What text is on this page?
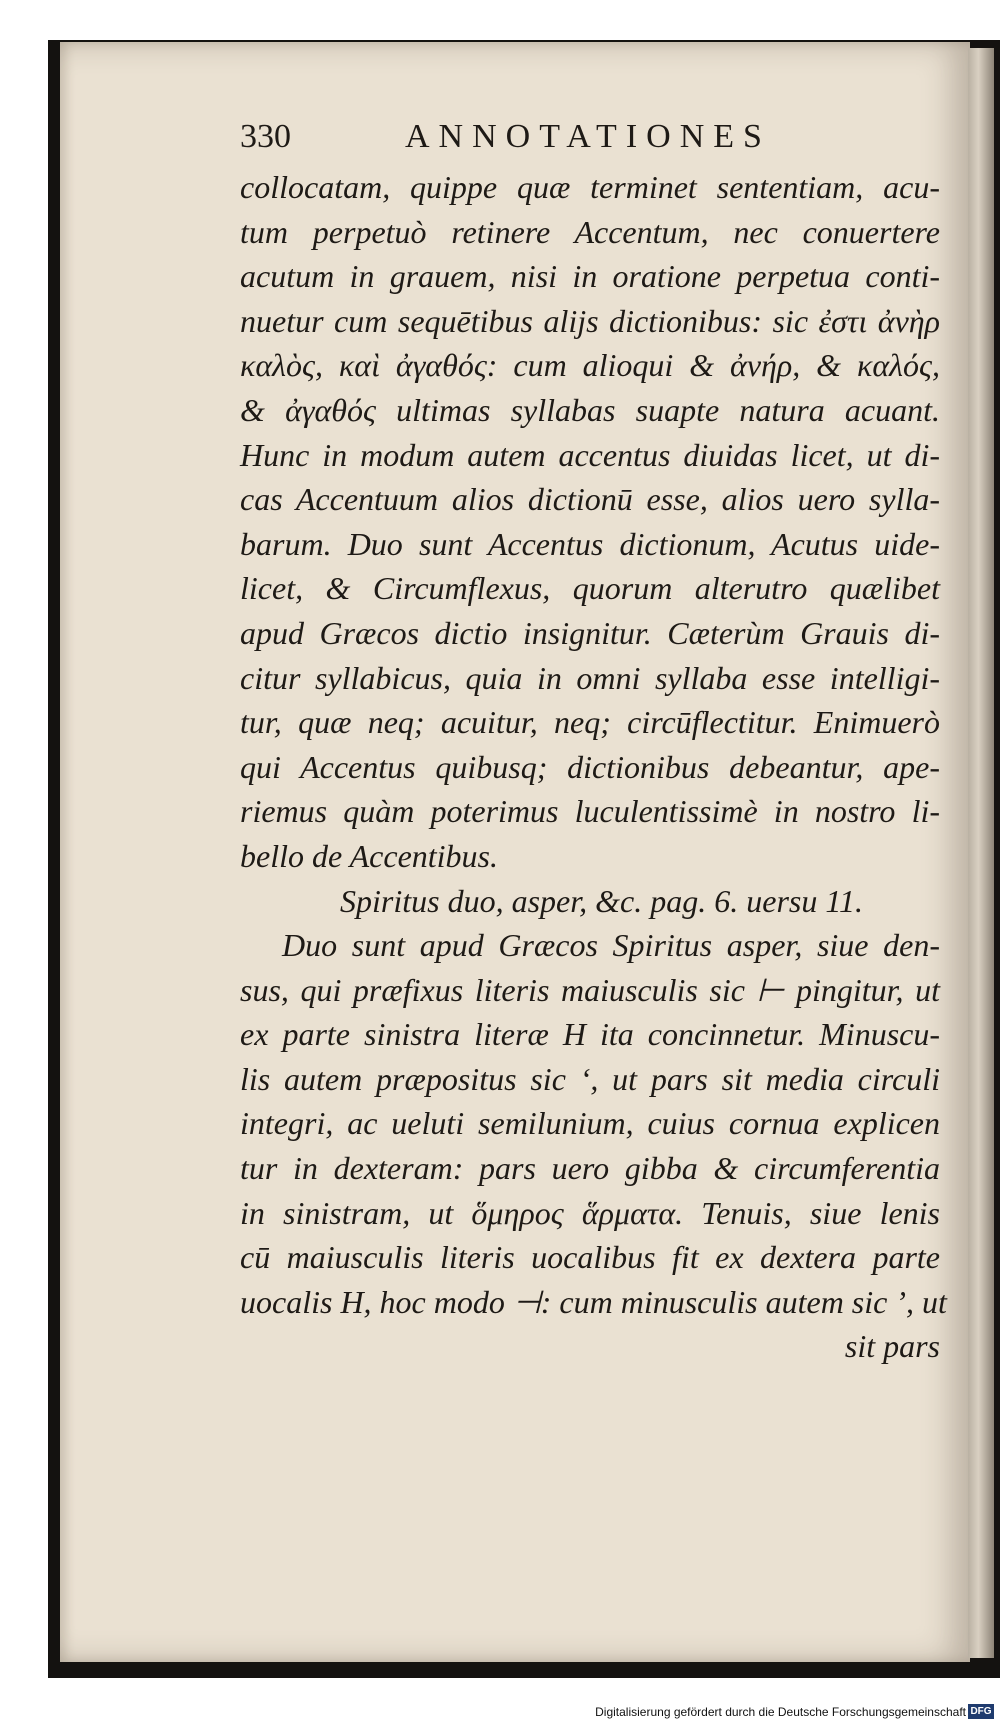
330	ANNOTATIONES
collocatam, quippe quæ terminet sententiam, acu-
tum perpetuò retinere Accentum, nec conuertere
acutum in grauem, nisi in oratione perpetua conti-
nuetur cum sequētibus alijs dictionibus: sic ἐστι ἀνὴρ
καλὸς, καὶ ἀγαθός: cum alioqui & ἀνήρ, & καλός,
& ἀγαθός ultimas syllabas suapte natura acuant.
Hunc in modum autem accentus diuidas licet, ut di-
cas Accentuum alios dictionū esse, alios uero sylla-
barum. Duo sunt Accentus dictionum, Acutus uide-
licet, & Circumflexus, quorum alterutro quælibet
apud Græcos dictio insignitur. Cæterùm Grauis di-
citur syllabicus, quia in omni syllaba esse intelligi-
tur, quæ neq; acuitur, neq; circūflectitur. Enimuerò
qui Accentus quibusq; dictionibus debeantur, ape-
riemus quàm poterimus luculentissimè in nostro li-
bello de Accentibus.
Spiritus duo, asper, &c. pag. 6. uersu 11.
Duo sunt apud Græcos Spiritus asper, siue den-
sus, qui præfixus literis maiusculis sic ⊢ pingitur, ut
ex parte sinistra literæ H ita concinnetur. Minuscu-
lis autem præpositus sic ‘, ut pars sit media circuli
integri, ac ueluti semilunium, cuius cornua explicen
tur in dexteram: pars uero gibba & circumferentia
in sinistram, ut ὅμηρος ἅρματα. Tenuis, siue lenis
cū maiusculis literis uocalibus fit ex dextera parte
uocalis H, hoc modo ⊣: cum minusculis autem sic ’, ut
sit pars
Digitalisierung gefördert durch die Deutsche Forschungsgemeinschaft DFG
